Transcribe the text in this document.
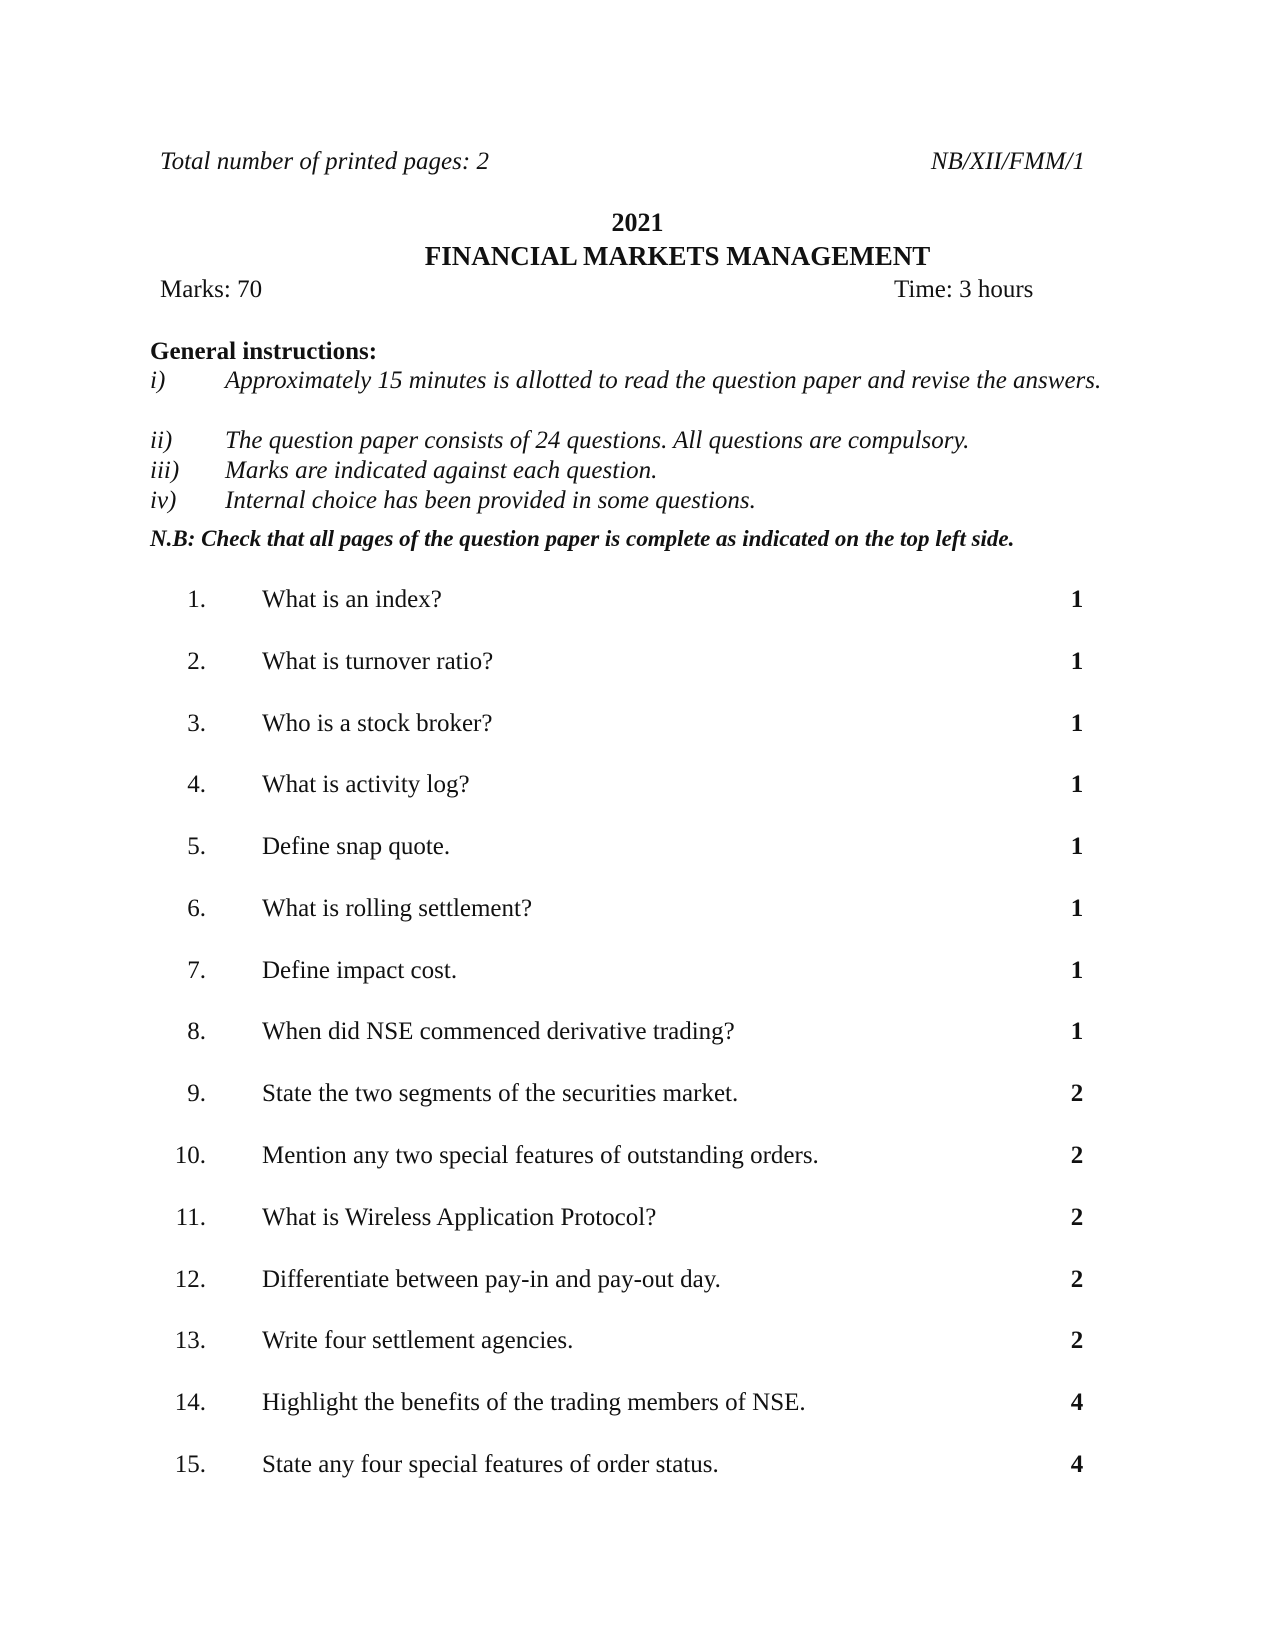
Total number of printed pages: 2	NB/XII/FMM/1
2021
FINANCIAL MARKETS MANAGEMENT
Marks: 70	Time: 3 hours
General instructions:
i) Approximately 15 minutes is allotted to read the question paper and revise the answers.
ii) The question paper consists of 24 questions. All questions are compulsory.
iii) Marks are indicated against each question.
iv) Internal choice has been provided in some questions.
N.B: Check that all pages of the question paper is complete as indicated on the top left side.
1. What is an index?	1
2. What is turnover ratio?	1
3. Who is a stock broker?	1
4. What is activity log?	1
5. Define snap quote.	1
6. What is rolling settlement?	1
7. Define impact cost.	1
8. When did NSE commenced derivative trading?	1
9. State the two segments of the securities market.	2
10. Mention any two special features of outstanding orders.	2
11. What is Wireless Application Protocol?	2
12. Differentiate between pay-in and pay-out day.	2
13. Write four settlement agencies.	2
14. Highlight the benefits of the trading members of NSE.	4
15. State any four special features of order status.	4
